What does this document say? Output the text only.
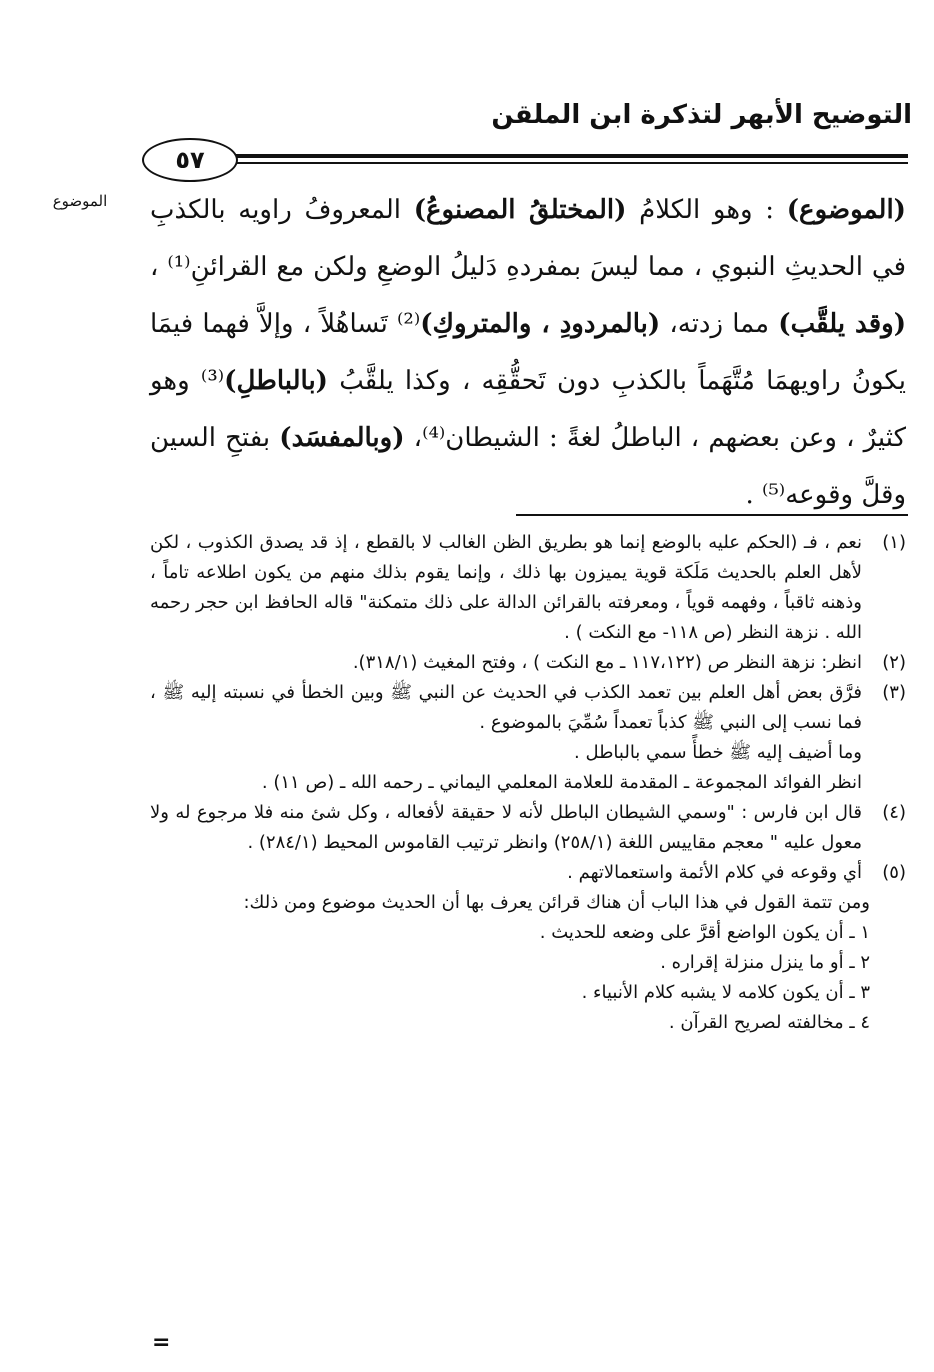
التوضيح الأبهر لتذكرة ابن الملقن
٥٧
الموضوع	(الموضوع) : وهو الكلامُ (المختلقُ المصنوعُ) المعروفُ راويه بالكذبِ في الحديثِ النبوي ، مما ليسَ بمفردهِ دَليلُ الوضعِ ولكن مع القرائنِ⁽¹⁾ ، (وقد يلقَّب) مما زدته، (بالمردودِ ، والمتروكِ)⁽²⁾ تَساهُلاً ، وإلاَّ فهما فيمَا يكونُ راويهمَا مُتَّهَماً بالكذبِ دون تَحقُّقِه ، وكذا يلقَّبُ (بالباطلِ)⁽³⁾ وهو كثيرٌ ، وعن بعضهم ، الباطلُ لغةً : الشيطان⁽⁴⁾، (وبالمفسَد) بفتحِ السين وقلَّ وقوعه⁽⁵⁾ .
(١)

نعم ، فـ (الحكم عليه بالوضع إنما هو بطريق الظن الغالب لا بالقطع ، إذ قد يصدق الكذوب ، لكن لأهل العلم بالحديث مَلَكة قوية يميزون بها ذلك ، وإنما يقوم بذلك منهم من يكون اطلاعه تاماً ، وذهنه ثاقباً ، وفهمه قوياً ، ومعرفته بالقرائن الدالة على ذلك متمكنة" قاله الحافظ ابن حجر رحمه الله . نزهة النظر (ص ١١٨- مع النكت ) .

(٢)

انظر: نزهة النظر ص (١١٧،١٢٢ ـ مع النكت ) ، وفتح المغيث (٣١٨/١).

(٣)

فرَّق بعض أهل العلم بين تعمد الكذب في الحديث عن النبي ﷺ وبين الخطأ في نسبته إليه ﷺ ، فما نسب إلى النبي ﷺ كذباً تعمداً سُمِّيَ بالموضوع .

وما أضيف إليه ﷺ خطأً سمي بالباطل .

انظر الفوائد المجموعة ـ المقدمة للعلامة المعلمي اليماني ـ رحمه الله ـ (ص ١١) .

(٤)

قال ابن فارس : "وسمي الشيطان الباطل لأنه لا حقيقة لأفعاله ، وكل شئ منه فلا مرجوع له ولا معول عليه " معجم مقاييس اللغة (٢٥٨/١) وانظر ترتيب القاموس المحيط (٢٨٤/١) .

(٥)

أي وقوعه في كلام الأئمة واستعمالاتهم .

ومن تتمة القول في هذا الباب أن هناك قرائن يعرف بها أن الحديث موضوع ومن ذلك:

١ ـ أن يكون الواضع أقرَّ على وضعه للحديث .

٢ ـ أو ما ينزل منزلة إقراره .

٣ ـ أن يكون كلامه لا يشبه كلام الأنبياء .

٤ ـ مخالفته لصريح القرآن .

=
